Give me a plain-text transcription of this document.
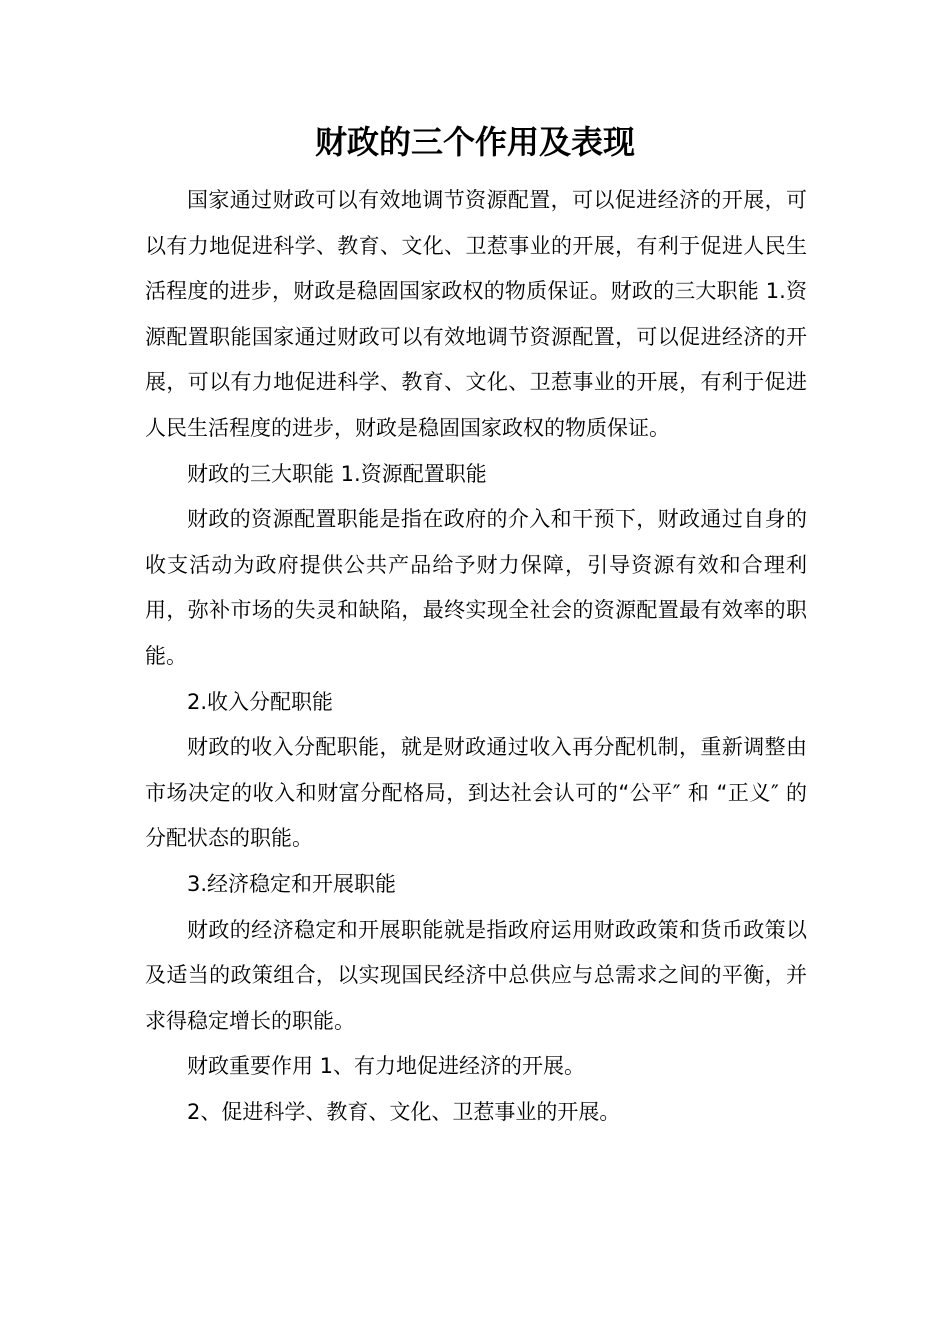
财政的三个作用及表现

国家通过财政可以有效地调节资源配置，可以促进经济的开展，可以有力地促进科学、教育、文化、卫惹事业的开展，有利于促进人民生活程度的进步，财政是稳固国家政权的物质保证。财政的三大职能 1.资源配置职能国家通过财政可以有效地调节资源配置，可以促进经济的开展，可以有力地促进科学、教育、文化、卫惹事业的开展，有利于促进人民生活程度的进步，财政是稳固国家政权的物质保证。

财政的三大职能 1.资源配置职能

财政的资源配置职能是指在政府的介入和干预下，财政通过自身的收支活动为政府提供公共产品给予财力保障，引导资源有效和合理利用，弥补市场的失灵和缺陷，最终实现全社会的资源配置最有效率的职能。

2.收入分配职能

财政的收入分配职能，就是财政通过收入再分配机制，重新调整由市场决定的收入和财富分配格局，到达社会认可的“公平″ 和 “正义″ 的分配状态的职能。

3.经济稳定和开展职能

财政的经济稳定和开展职能就是指政府运用财政政策和货币政策以及适当的政策组合，以实现国民经济中总供应与总需求之间的平衡，并求得稳定增长的职能。

财政重要作用 1、有力地促进经济的开展。

2、促进科学、教育、文化、卫惹事业的开展。
